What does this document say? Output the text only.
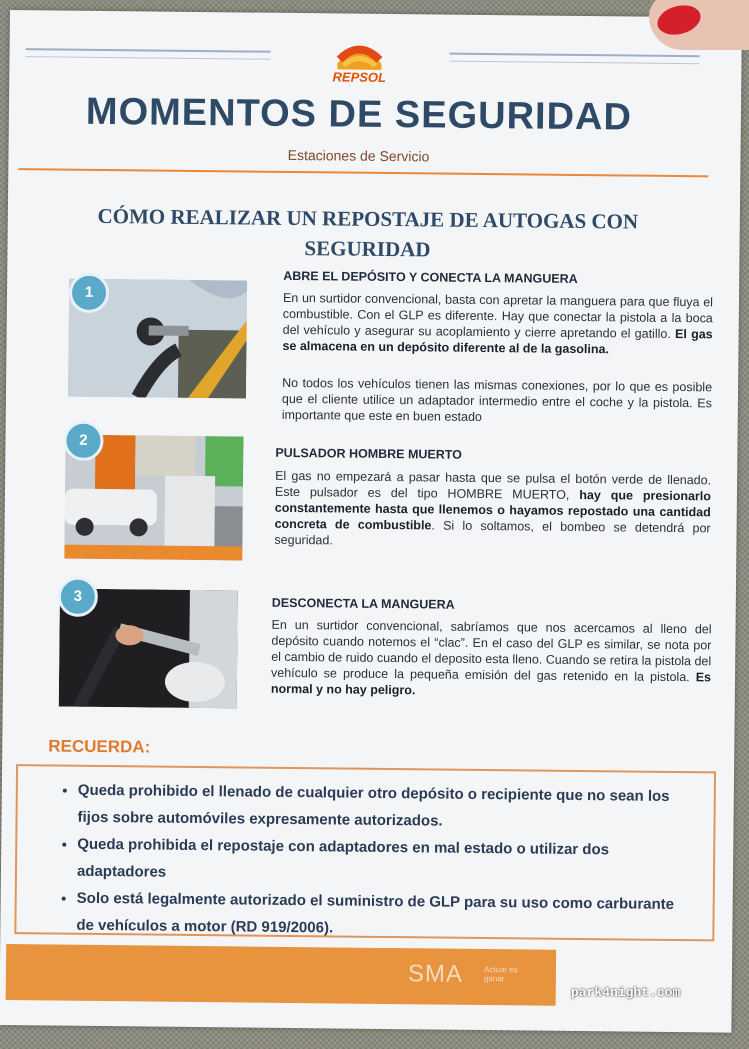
REPSOL
MOMENTOS DE SEGURIDAD
Estaciones de Servicio
CÓMO REALIZAR UN REPOSTAJE DE AUTOGAS CON SEGURIDAD
1
ABRE EL DEPÓSITO Y CONECTA LA MANGUERA
En un surtidor convencional, basta con apretar la manguera para que fluya el combustible. Con el GLP es diferente. Hay que conectar la pistola a la boca del vehículo y asegurar su acoplamiento y cierre apretando el gatillo. El gas se almacena en un depósito diferente al de la gasolina.
No todos los vehículos tienen las mismas conexiones, por lo que es posible que el cliente utilice un adaptador intermedio entre el coche y la pistola. Es importante que este en buen estado
2
PULSADOR HOMBRE MUERTO
El gas no empezará a pasar hasta que se pulsa el botón verde de llenado. Este pulsador es del tipo HOMBRE MUERTO, hay que presionarlo constantemente hasta que llenemos o hayamos repostado una cantidad concreta de combustible. Si lo soltamos, el bombeo se detendrá por seguridad.
3	DESCONECTA LA MANGUERA
En un surtidor convencional, sabríamos que nos acercamos al lleno del depósito cuando notemos el “clac”. En el caso del GLP es similar, se nota por el cambio de ruido cuando el deposito esta lleno. Cuando se retira la pistola del vehículo se produce la pequeña emisión del gas retenido en la pistola. Es normal y no hay peligro.
RECUERDA:
• Queda prohibido el llenado de cualquier otro depósito o recipiente que no sean los fijos sobre automóviles expresamente autorizados.
• Queda prohibida el repostaje con adaptadores en mal estado o utilizar dos adaptadores
• Solo está legalmente autorizado el suministro de GLP para su uso como carburante de vehículos a motor (RD 919/2006).
SMA	Actuar es ganar
park4night.com
